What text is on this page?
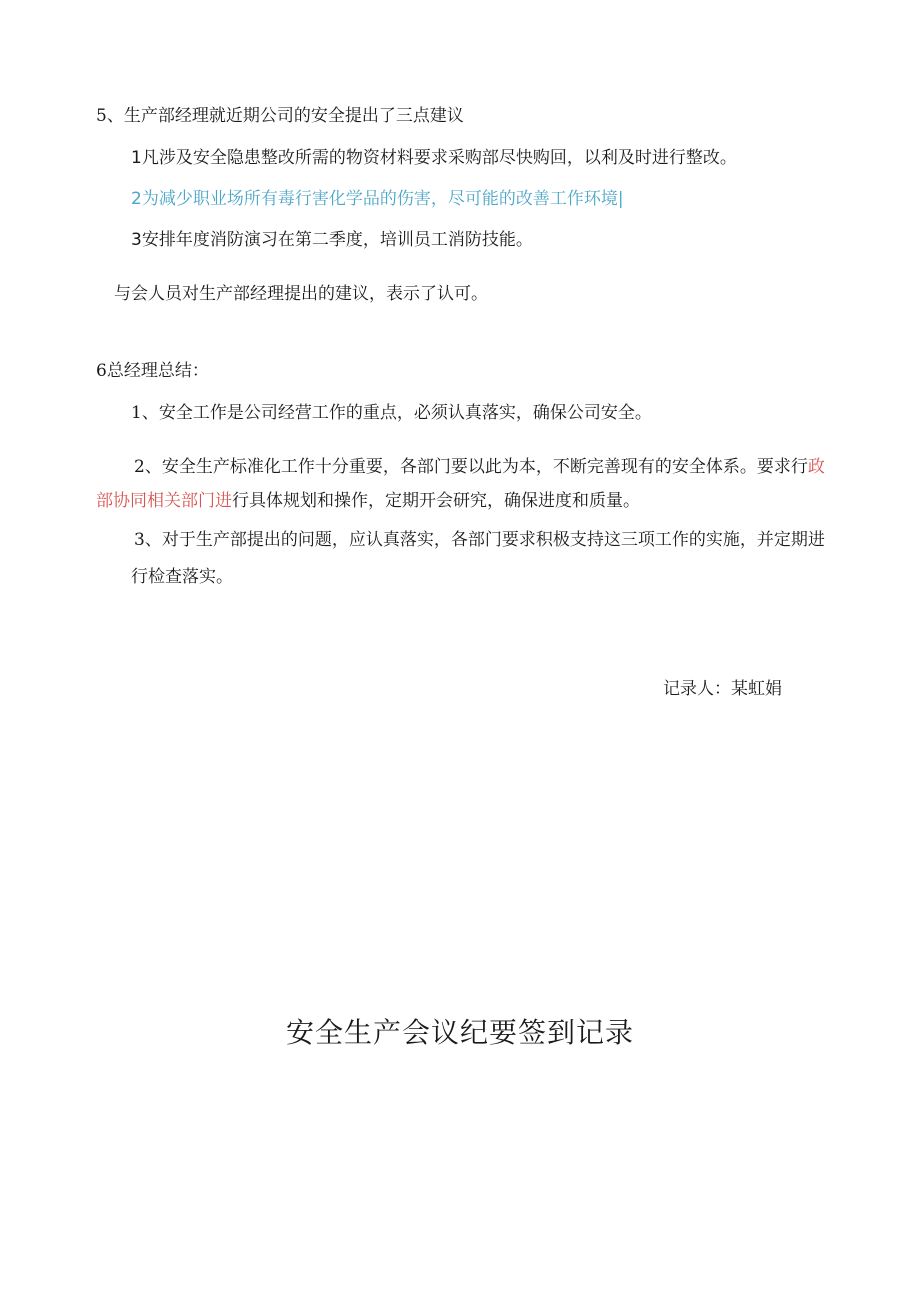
5、生产部经理就近期公司的安全提出了三点建议
1凡涉及安全隐患整改所需的物资材料要求采购部尽快购回，以利及时进行整改。
2为减少职业场所有毒行害化学品的伤害，尽可能的改善工作环境|
3安排年度消防演习在第二季度，培训员工消防技能。
与会人员对生产部经理提出的建议，表示了认可。
6总经理总结：
1、安全工作是公司经营工作的重点，必须认真落实，确保公司安全。
2、安全生产标准化工作十分重要，各部门要以此为本，不断完善现有的安全体系。要求行政
部协同相关部门进行具体规划和操作，定期开会研究，确保进度和质量。
3、对于生产部提出的问题，应认真落实，各部门要求积极支持这三项工作的实施，并定期进
行检查落实。
记录人：某虹娟
安全生产会议纪要签到记录
